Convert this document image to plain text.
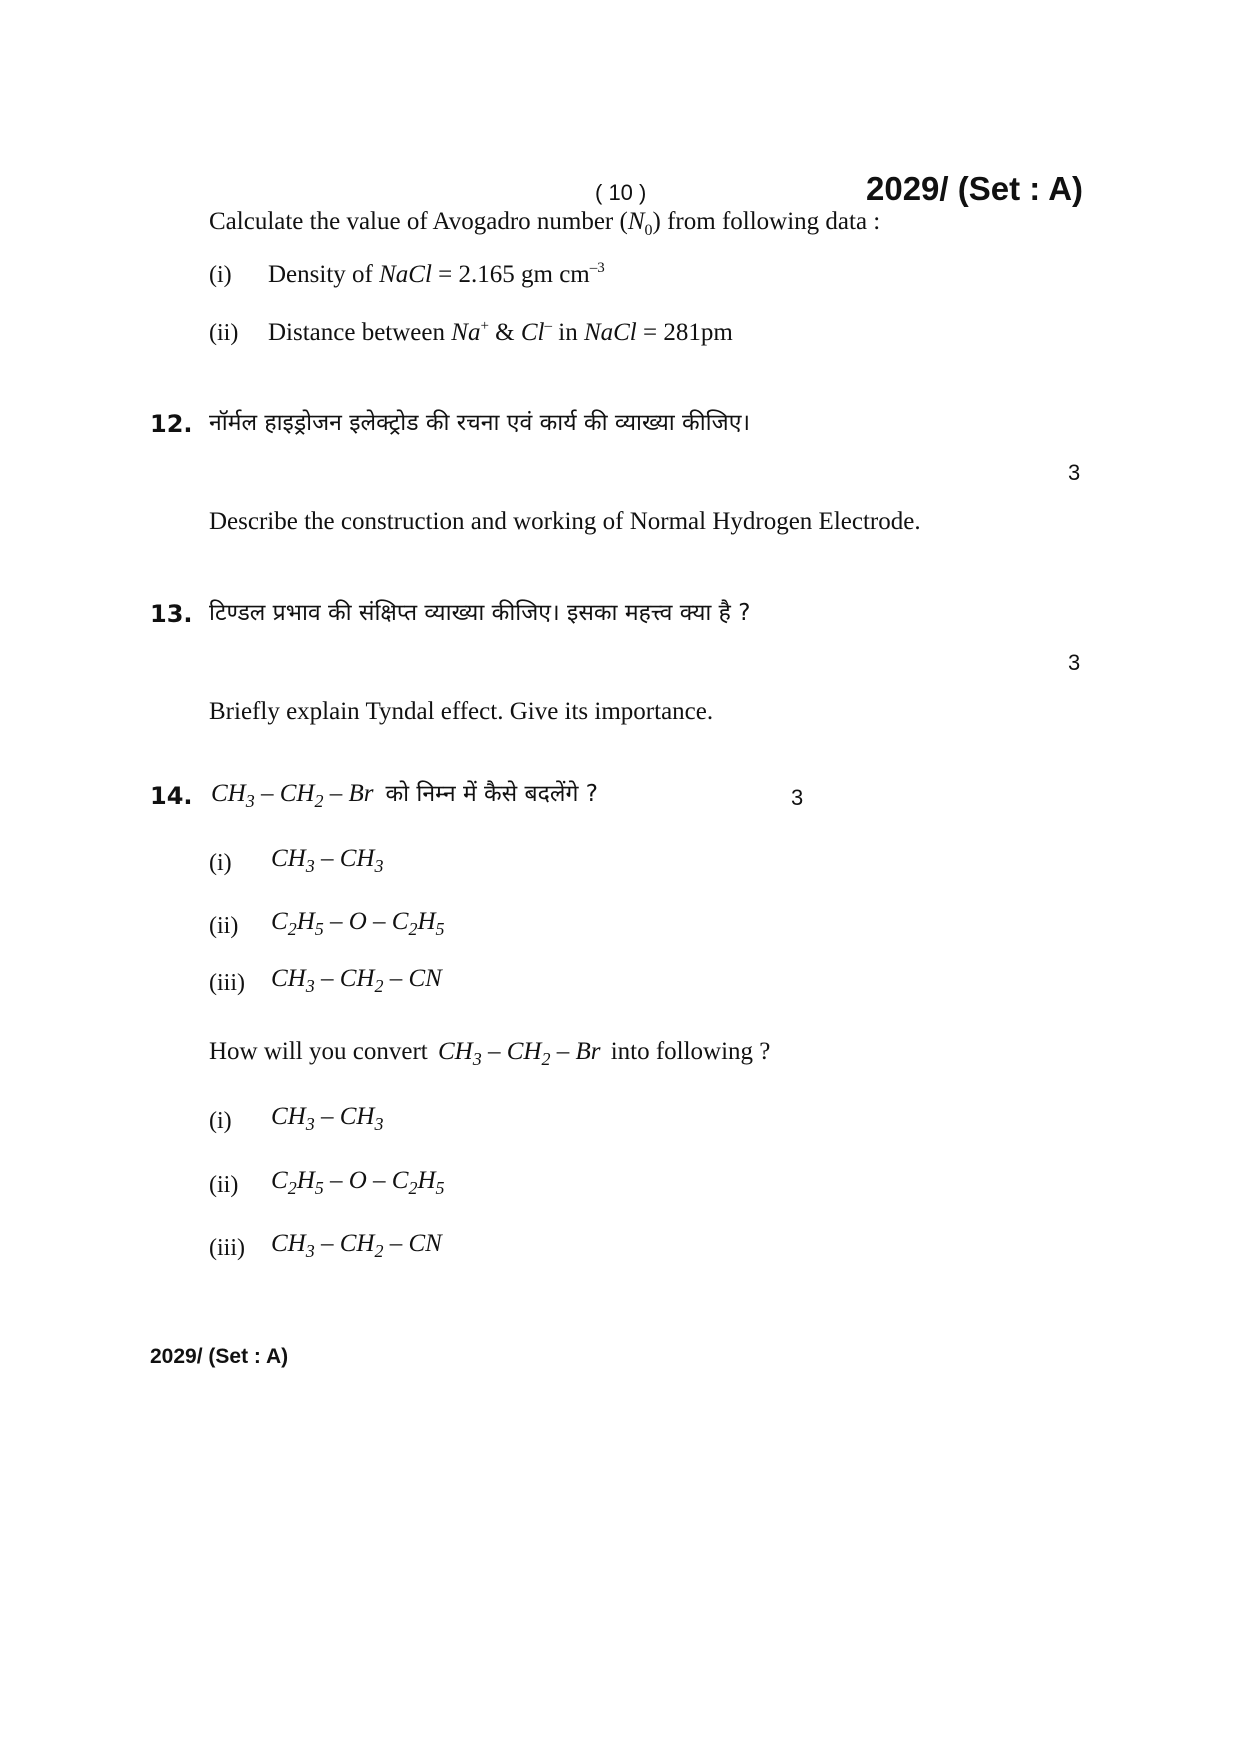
( 10 )	2029/ (Set : A)
Calculate the value of Avogadro number $(N_0)$ from following data :
(i) Density of NaCl = 2.165 gm $cm^{-3}$
(ii) Distance between Na+ & Cl– in NaCl = 281pm
12. नॉर्मल हाइड्रोजन इलेक्ट्रोड की रचना एवं कार्य की व्याख्या कीजिए।
3
Describe the construction and working of Normal Hydrogen Electrode.
13. टिण्डल प्रभाव की संक्षिप्त व्याख्या कीजिए। इसका महत्त्व क्या है ?
3
Briefly explain Tyndal effect. Give its importance.
14. $CH_3 - CH_2$ – Br को निम्न में कैसे बदलेंगे ?	3
(i) $CH_3 - CH_3$
(ii) $C_2H_5$ – O – $C_2H_5$
(iii) $CH_3 - CH_2$ – CN
How will you convert $CH_3 - CH_2$ – Br into following ?
(i) $CH_3 - CH_3$
(ii) $C_2H_5$ – O – $C_2H_5$
(iii) $CH_3 - CH_2$ – CN
2029/ (Set : A)
